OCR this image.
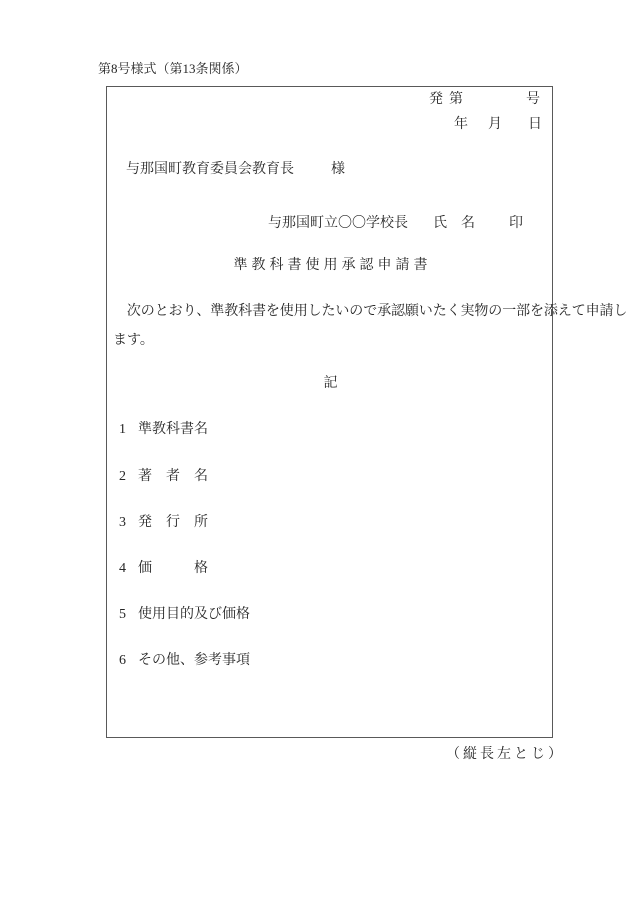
第8号様式（第13条関係）
発 第	号
年 月 日
与那国町教育委員会教育長	様
与那国町立〇〇学校長 氏　名 印
準教科書使用承認申請書
　次のとおり、準教科書を使用したいので承認願いたく実物の一部を添えて申請し
ます。
記
1 準教科書名
2 著　者　名
3 発　行　所
4 価　　　格
5 使用目的及び価格
6 その他、参考事項
（縦長左とじ）
